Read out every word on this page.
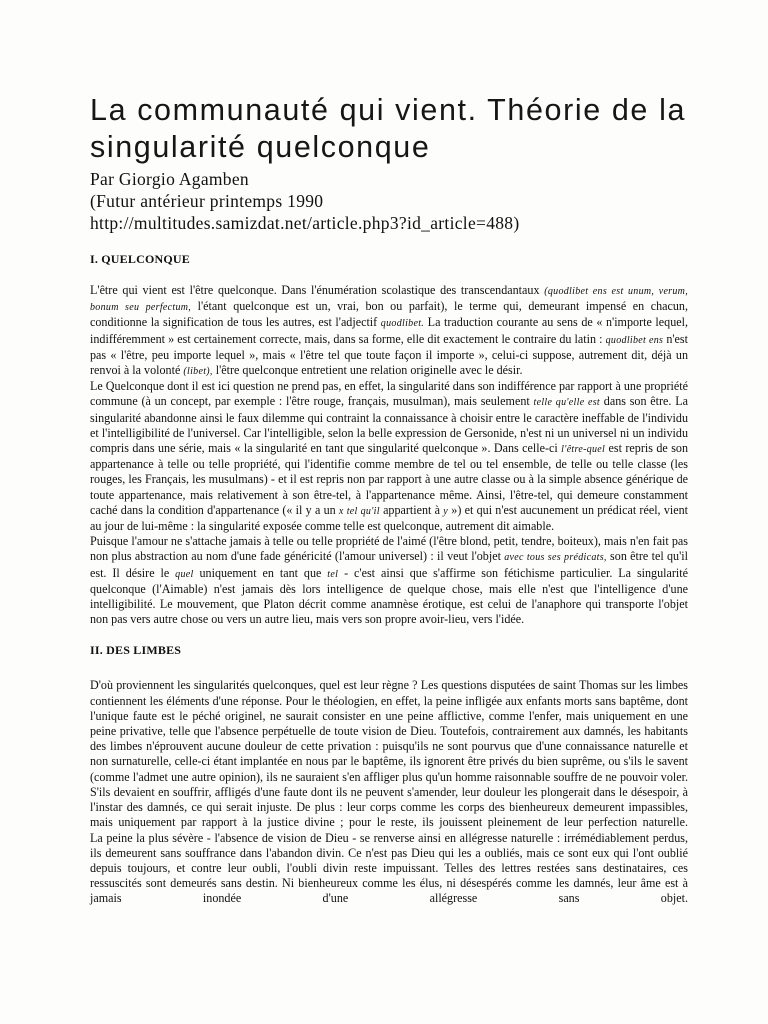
La communauté qui vient. Théorie de la singularité quelconque
Par Giorgio Agamben
(Futur antérieur printemps 1990
http://multitudes.samizdat.net/article.php3?id_article=488)
I. QUELCONQUE

L'être qui vient est l'être quelconque. Dans l'énumération scolastique des transcendantaux (quodlibet ens est unum, verum, bonum seu perfectum, l'étant quelconque est un, vrai, bon ou parfait), le terme qui, demeurant impensé en chacun, conditionne la signification de tous les autres, est l'adjectif quodlibet. La traduction courante au sens de « n'importe lequel, indifféremment » est certainement correcte, mais, dans sa forme, elle dit exactement le contraire du latin : quodlibet ens n'est pas « l'être, peu importe lequel », mais « l'être tel que toute façon il importe », celui-ci suppose, autrement dit, déjà un renvoi à la volonté (libet), l'être quelconque entretient une relation originelle avec le désir.

Le Quelconque dont il est ici question ne prend pas, en effet, la singularité dans son indifférence par rapport à une propriété commune (à un concept, par exemple : l'être rouge, français, musulman), mais seulement telle qu'elle est dans son être. La singularité abandonne ainsi le faux dilemme qui contraint la connaissance à choisir entre le caractère ineffable de l'individu et l'intelligibilité de l'universel. Car l'intelligible, selon la belle expression de Gersonide, n'est ni un universel ni un individu compris dans une série, mais « la singularité en tant que singularité quelconque ». Dans celle-ci l'être-quel est repris de son appartenance à telle ou telle propriété, qui l'identifie comme membre de tel ou tel ensemble, de telle ou telle classe (les rouges, les Français, les musulmans) - et il est repris non par rapport à une autre classe ou à la simple absence générique de toute appartenance, mais relativement à son être-tel, à l'appartenance même. Ainsi, l'être-tel, qui demeure constamment caché dans la condition d'appartenance (« il y a un x tel qu'il appartient à y ») et qui n'est aucunement un prédicat réel, vient au jour de lui-même : la singularité exposée comme telle est quelconque, autrement dit aimable.

Puisque l'amour ne s'attache jamais à telle ou telle propriété de l'aimé (l'être blond, petit, tendre, boiteux), mais n'en fait pas non plus abstraction au nom d'une fade généricité (l'amour universel) : il veut l'objet avec tous ses prédicats, son être tel qu'il est. Il désire le quel uniquement en tant que tel - c'est ainsi que s'affirme son fétichisme particulier. La singularité quelconque (l'Aimable) n'est jamais dès lors intelligence de quelque chose, mais elle n'est que l'intelligence d'une intelligibilité. Le mouvement, que Platon décrit comme anamnèse érotique, est celui de l'anaphore qui transporte l'objet non pas vers autre chose ou vers un autre lieu, mais vers son propre avoir-lieu, vers l'idée.

II. DES LIMBES

D'où proviennent les singularités quelconques, quel est leur règne ? Les questions disputées de saint Thomas sur les limbes contiennent les éléments d'une réponse. Pour le théologien, en effet, la peine infligée aux enfants morts sans baptême, dont l'unique faute est le péché originel, ne saurait consister en une peine afflictive, comme l'enfer, mais uniquement en une peine privative, telle que l'absence perpétuelle de toute vision de Dieu. Toutefois, contrairement aux damnés, les habitants des limbes n'éprouvent aucune douleur de cette privation : puisqu'ils ne sont pourvus que d'une connaissance naturelle et non surnaturelle, celle-ci étant implantée en nous par le baptême, ils ignorent être privés du bien suprême, ou s'ils le savent (comme l'admet une autre opinion), ils ne sauraient s'en affliger plus qu'un homme raisonnable souffre de ne pouvoir voler. S'ils devaient en souffrir, affligés d'une faute dont ils ne peuvent s'amender, leur douleur les plongerait dans le désespoir, à l'instar des damnés, ce qui serait injuste. De plus : leur corps comme les corps des bienheureux demeurent impassibles, mais uniquement par rapport à la justice divine ; pour le reste, ils jouissent pleinement de leur perfection naturelle.

La peine la plus sévère - l'absence de vision de Dieu - se renverse ainsi en allégresse naturelle : irrémédiablement perdus, ils demeurent sans souffrance dans l'abandon divin. Ce n'est pas Dieu qui les a oubliés, mais ce sont eux qui l'ont oublié depuis toujours, et contre leur oubli, l'oubli divin reste impuissant. Telles des lettres restées sans destinataires, ces ressuscités sont demeurés sans destin. Ni bienheureux comme les élus, ni désespérés comme les damnés, leur âme est à jamais inondée d'une allégresse sans objet.
